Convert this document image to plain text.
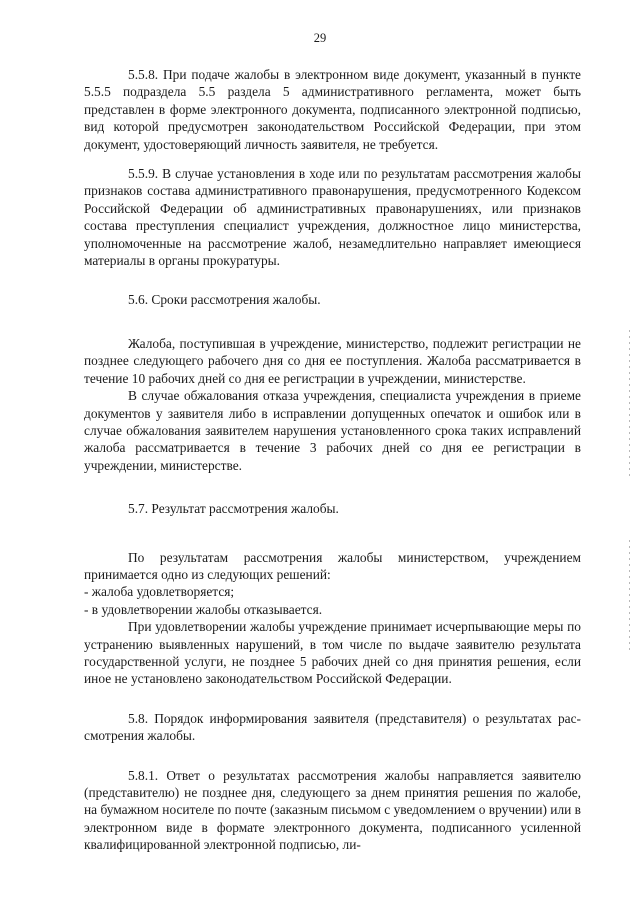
29

5.5.8. При подаче жалобы в электронном виде документ, указанный в пункте 5.5.5 подраздела 5.5 раздела 5 административного регламента, может быть представлен в форме электронного документа, подписанного электронной подписью, вид которой предусмотрен законодательством Российской Федерации, при этом документ, удостоверяющий личность заявителя, не требуется.

5.5.9. В случае установления в ходе или по результатам рассмотрения жалобы признаков состава административного правонарушения, предусмотренного Кодексом Российской Федерации об административных правонарушениях, или признаков состава преступления специалист учреждения, должностное лицо министерства, уполномоченные на рассмотрение жалоб, незамедлительно направляет имеющиеся материалы в органы прокуратуры.

5.6. Сроки рассмотрения жалобы.

Жалоба, поступившая в учреждение, министерство, подлежит регистрации не позднее следующего рабочего дня со дня ее поступления. Жалоба рассматривается в течение 10 рабочих дней со дня ее регистрации в учреждении, министерстве.

В случае обжалования отказа учреждения, специалиста учреждения в приеме документов у заявителя либо в исправлении допущенных опечаток и ошибок или в случае обжалования заявителем нарушения установленного срока таких исправлений жалоба рассматривается в течение 3 рабочих дней со дня ее регистрации в учреждении, министерстве.

5.7. Результат рассмотрения жалобы.

По результатам рассмотрения жалобы министерством, учреждением принимается одно из следующих решений:

- жалоба удовлетворяется;

- в удовлетворении жалобы отказывается.

При удовлетворении жалобы учреждение принимает исчерпывающие меры по устранению выявленных нарушений, в том числе по выдаче заявителю результата государственной услуги, не позднее 5 рабочих дней со дня принятия решения, если иное не установлено законодательством Российской Федерации.

5.8. Порядок информирования заявителя (представителя) о результатах рас-смотрения жалобы.

5.8.1. Ответ о результатах рассмотрения жалобы направляется заявителю (представителю) не позднее дня, следующего за днем принятия решения по жалобе, на бумажном носителе по почте (заказным письмом с уведомлением о вручении) или в электронном виде в формате электронного документа, подписанного усиленной квалифицированной электронной подписью, ли-
